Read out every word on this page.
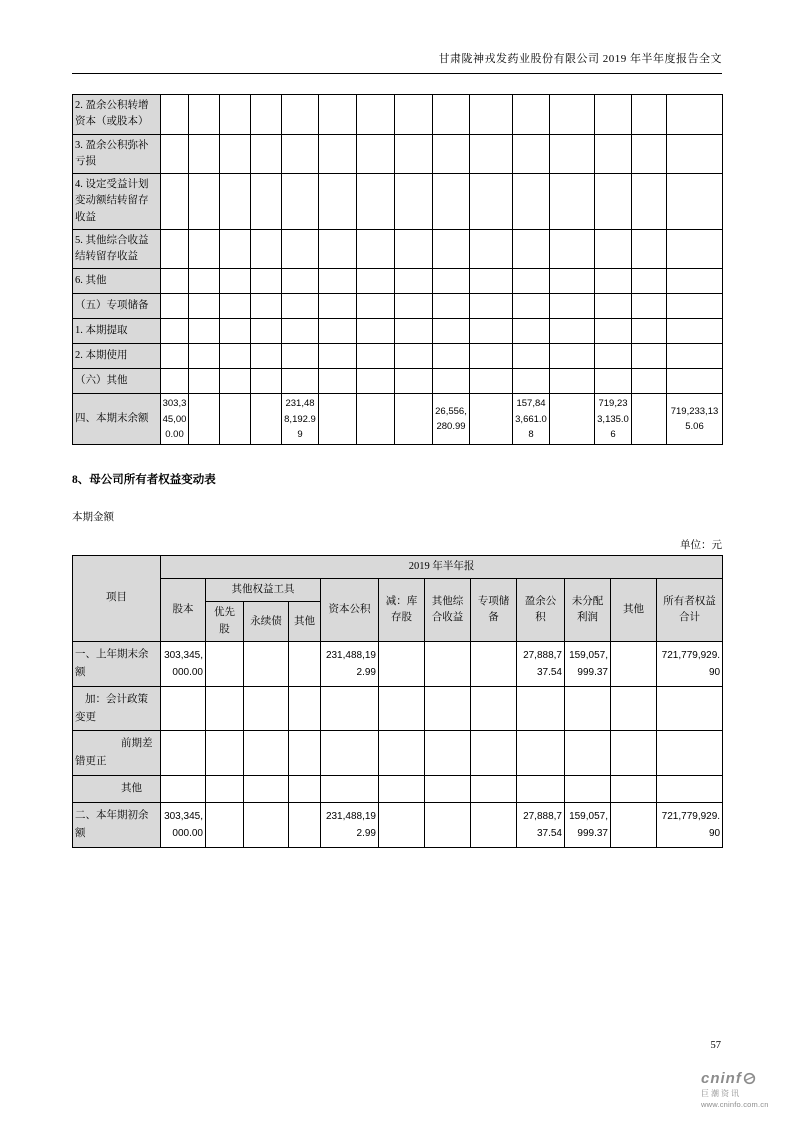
甘肃陇神戎发药业股份有限公司 2019 年半年度报告全文
2. 盈余公积转增资本（或股本）															
3. 盈余公积弥补亏损															
4. 设定受益计划变动额结转留存收益															
5. 其他综合收益结转留存收益															
6. 其他															
（五）专项储备															
1. 本期提取															
2. 本期使用															
（六）其他															
四、本期末余额	303,345,000.00				231,488,192.99				26,556,280.99		157,843,661.08		719,233,135.06		719,233,135.06
8、母公司所有者权益变动表
本期金额
单位：元
项目	2019 年半年报											
	股本	其他权益工具			资本公积	减：库存股	其他综合收益	专项储备	盈余公积	未分配利润	其他	所有者权益合计
		优先股	永续债	其他								
一、上年期末余额	303,345,000.00				231,488,192.99				27,888,737.54	159,057,999.37		721,779,929.90
加：会计政策变更												
前期差错更正												
其他												
二、本年期初余额	303,345,000.00				231,488,192.99				27,888,737.54	159,057,999.37		721,779,929.90
57
cninf
巨潮资讯
www.cninfo.com.cn
